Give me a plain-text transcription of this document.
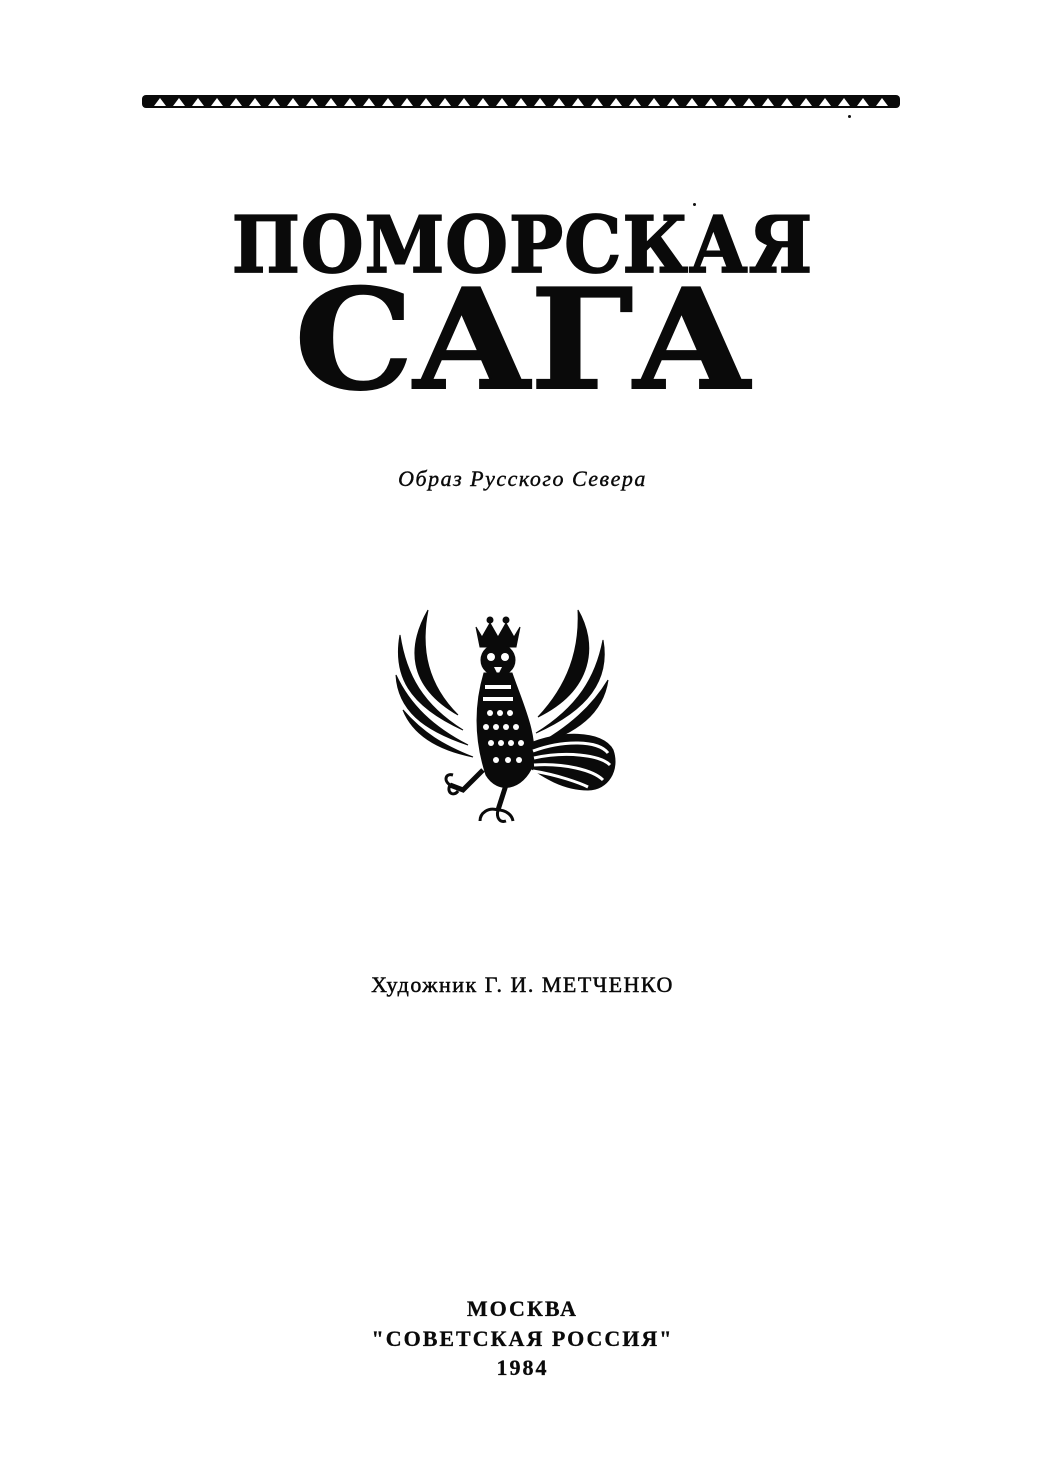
ПОМОРСКАЯ
САГА
Образ Русского Севера
Художник Г. И. МЕТЧЕНКО
МОСКВА
"СОВЕТСКАЯ РОССИЯ"
1984
